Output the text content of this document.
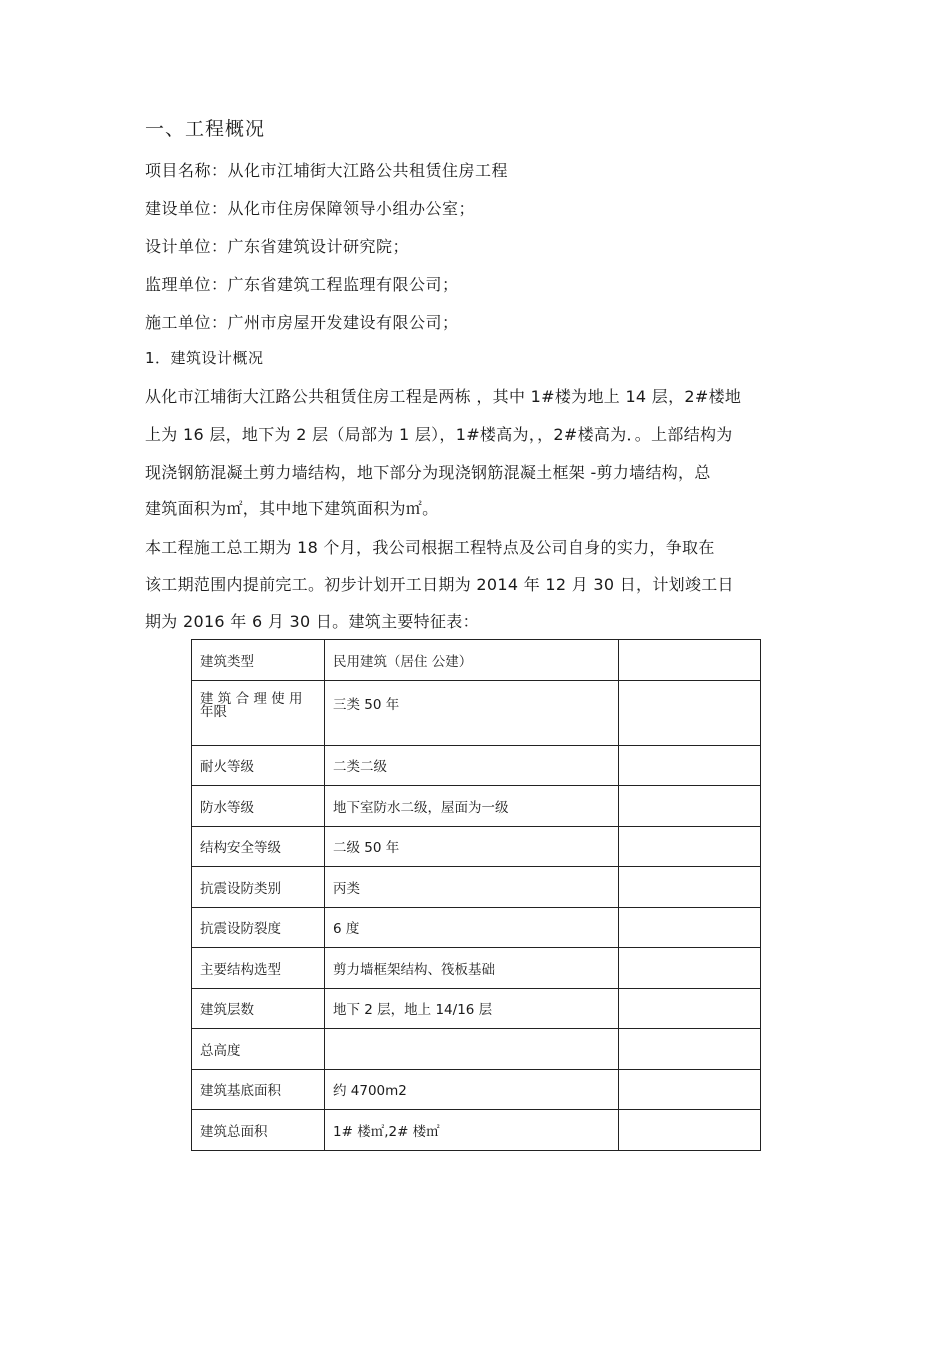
一、工程概况
项目名称：从化市江埔街大江路公共租赁住房工程
建设单位：从化市住房保障领导小组办公室；
设计单位：广东省建筑设计研究院；
监理单位：广东省建筑工程监理有限公司；
施工单位：广州市房屋开发建设有限公司；
1．建筑设计概况
从化市江埔街大江路公共租赁住房工程是两栋 ，其中 1#楼为地上 14 层，2#楼地
上为 16 层，地下为 2 层（局部为 1 层），1#楼高为，，2#楼高为．。上部结构为
现浇钢筋混凝土剪力墙结构，地下部分为现浇钢筋混凝土框架 -剪力墙结构，总
建筑面积为㎡，其中地下建筑面积为㎡。
本工程施工总工期为 18 个月，我公司根据工程特点及公司自身的实力，争取在
该工期范围内提前完工。初步计划开工日期为 2014 年 12 月 30 日，计划竣工日
期为 2016 年 6 月 30 日。建筑主要特征表：
建筑类型	民用建筑（居住 公建）	
建 筑 合 理 使 用 年限	三类 50 年	
耐火等级	二类二级	
防水等级	地下室防水二级，屋面为一级	
结构安全等级	二级 50 年	
抗震设防类别	丙类	
抗震设防裂度	6 度	
主要结构选型	剪力墙框架结构、筏板基础	
建筑层数	地下 2 层，地上 14/16 层	
总高度		
建筑基底面积	约 4700m2	
建筑总面积	1# 楼㎡,2# 楼㎡	
